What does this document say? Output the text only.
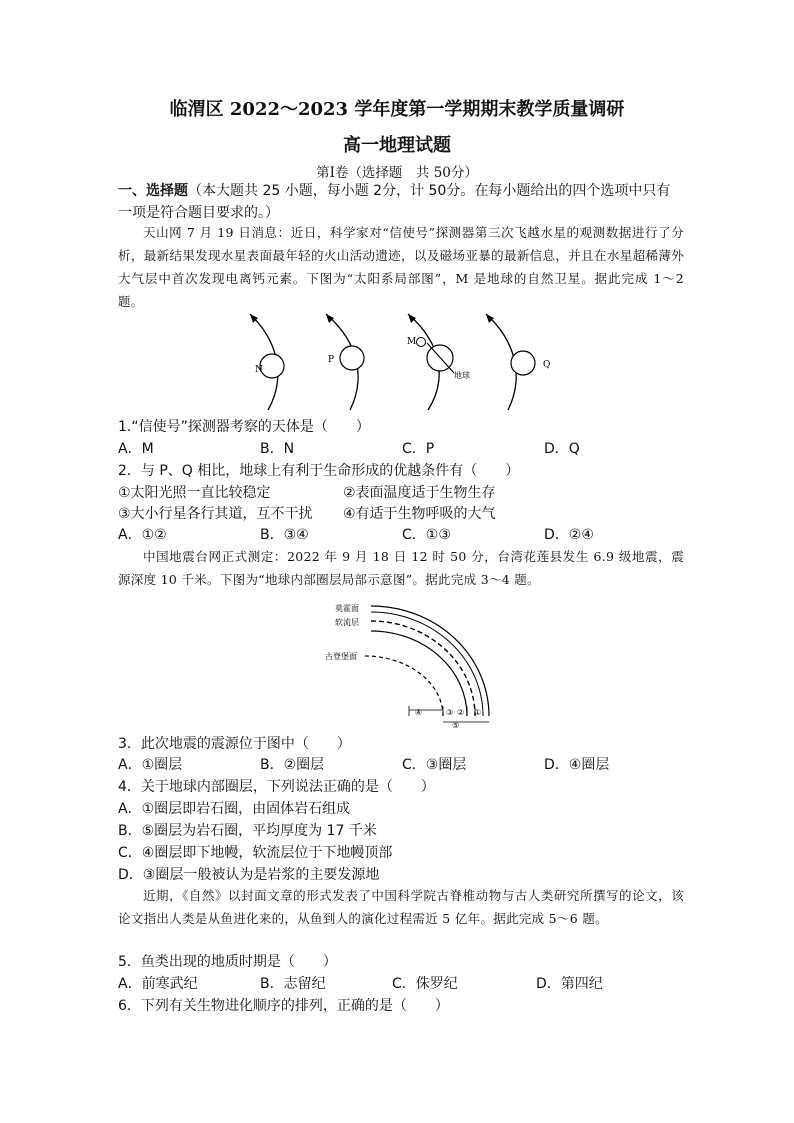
临渭区 2022～2023 学年度第一学期期末教学质量调研
高一地理试题
第Ⅰ卷（选择题　共 50分）
一、选择题（本大题共 25 小题，每小题 2分，计 50分。在每小题给出的四个选项中只有一项是符合题目要求的。）
天山网 7 月 19 日消息：近日，科学家对“信使号”探测器第三次飞越水星的观测数据进行了分析，最新结果发现水星表面最年轻的火山活动遗迹，以及磁场亚暴的最新信息，并且在水星超稀薄外大气层中首次发现电离钙元素。下图为“太阳系局部图”，M 是地球的自然卫星。据此完成 1～2 题。
N
P
M
地球
Q
1.“信使号”探测器考察的天体是（　　）
A．M	B．N	C．P	D．Q
2．与 P、Q 相比，地球上有利于生命形成的优越条件有（　　）
①太阳光照一直比较稳定	②表面温度适于生物生存
③大小行星各行其道，互不干扰 ④有适于生物呼吸的大气
A．①②	B．③④	C．①③	D．②④
中国地震台网正式测定：2022 年 9 月 18 日 12 时 50 分，台湾花莲县发生 6.9 级地震，震源深度 10 千米。下图为“地球内部圈层局部示意图”。据此完成 3～4 题。
莫霍面
软流层
古登堡面
④	③ ② ①
⑤
3．此次地震的震源位于图中（　　）
A．①圈层	B．②圈层	C．③圈层	D．④圈层
4．关于地球内部圈层，下列说法正确的是（　　）
A．①圈层即岩石圈，由固体岩石组成
B．⑤圈层为岩石圈，平均厚度为 17 千米
C．④圈层即下地幔，软流层位于下地幔顶部
D．③圈层一般被认为是岩浆的主要发源地
近期，《自然》以封面文章的形式发表了中国科学院古脊椎动物与古人类研究所撰写的论文，该论文指出人类是从鱼进化来的，从鱼到人的演化过程需近 5 亿年。据此完成 5～6 题。
5．鱼类出现的地质时期是（　　）
A．前寒武纪	B．志留纪	C．侏罗纪	D．第四纪
6．下列有关生物进化顺序的排列，正确的是（　　）
